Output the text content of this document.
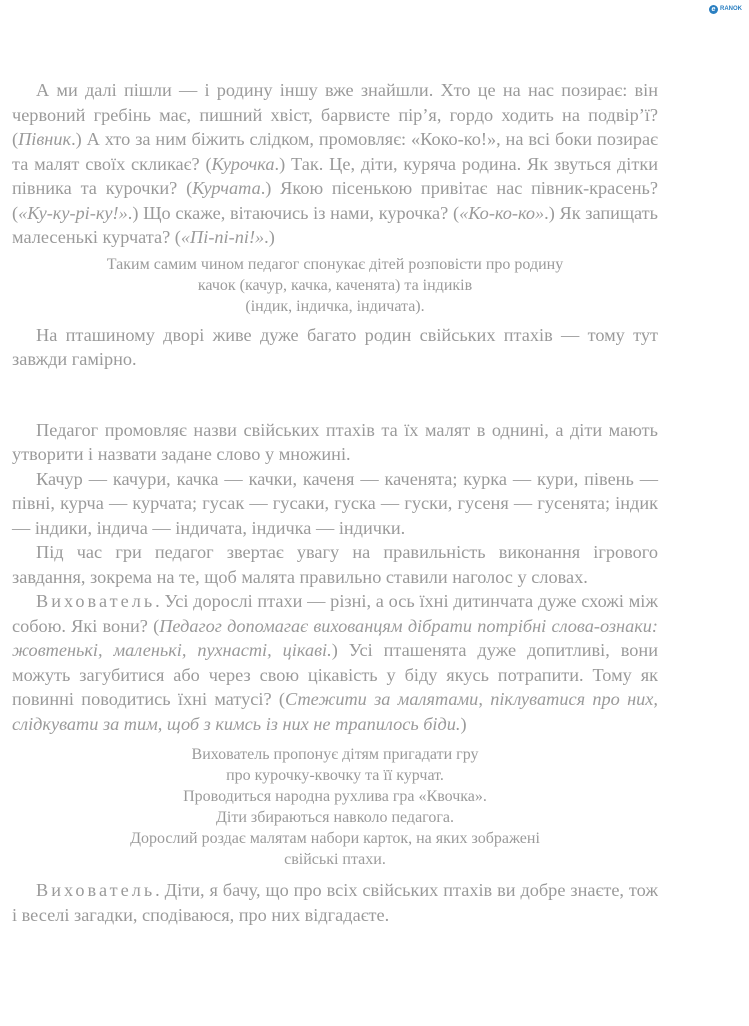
e RANOK

А ми далі пішли — і родину іншу вже знайшли. Хто це на нас позирає: він червоний гребінь має, пишний хвіст, барвисте пір’я, гордо ходить на подвір’ї? (Півник.) А хто за ним біжить слідком, промовляє: «Коко-ко!», на всі боки позирає та малят своїх скликає? (Курочка.) Так. Це, діти, куряча родина. Як звуться дітки півника та курочки? (Курчата.) Якою пісенькою привітає нас півник-красень? («Ку-ку-рі-ку!».) Що скаже, вітаючись із нами, курочка? («Ко-ко-ко».) Як запищать малесенькі курчата? («Пі-пі-пі!».)

Таким самим чином педагог спонукає дітей розповісти про родину

качок (качур, качка, каченята) та індиків

(індик, індичка, індичата).

На пташиному дворі живе дуже багато родин свійських птахів — тому тут завжди гамірно.

Педагог промовляє назви свійських птахів та їх малят в однині, а діти мають утворити і назвати задане слово у множині.

Качур — качури, качка — качки, каченя — каченята; курка — кури, півень — півні, курча — курчата; гусак — гусаки, гуска — гуски, гусеня — гусенята; індик — індики, індича — індичата, індичка — індички.

Під час гри педагог звертає увагу на правильність виконання ігрового завдання, зокрема на те, щоб малята правильно ставили наголос у словах.

Вихователь. Усі дорослі птахи — різні, а ось їхні дитинчата дуже схожі між собою. Які вони? (Педагог допомагає вихованцям дібрати потрібні слова-ознаки: жовтенькі, маленькі, пухнасті, цікаві.) Усі пташенята дуже допитливі, вони можуть загубитися або через свою цікавість у біду якусь потрапити. Тому як повинні поводитись їхні матусі? (Стежити за малятами, піклуватися про них, слідкувати за тим, щоб з кимсь із них не трапилось біди.)

Вихователь пропонує дітям пригадати гру

про курочку-квочку та її курчат.

Проводиться народна рухлива гра «Квочка».

Діти збираються навколо педагога.

Дорослий роздає малятам набори карток, на яких зображені

свійські птахи.

Вихователь. Діти, я бачу, що про всіх свійських птахів ви добре знаєте, тож і веселі загадки, сподіваюся, про них відгадаєте.
